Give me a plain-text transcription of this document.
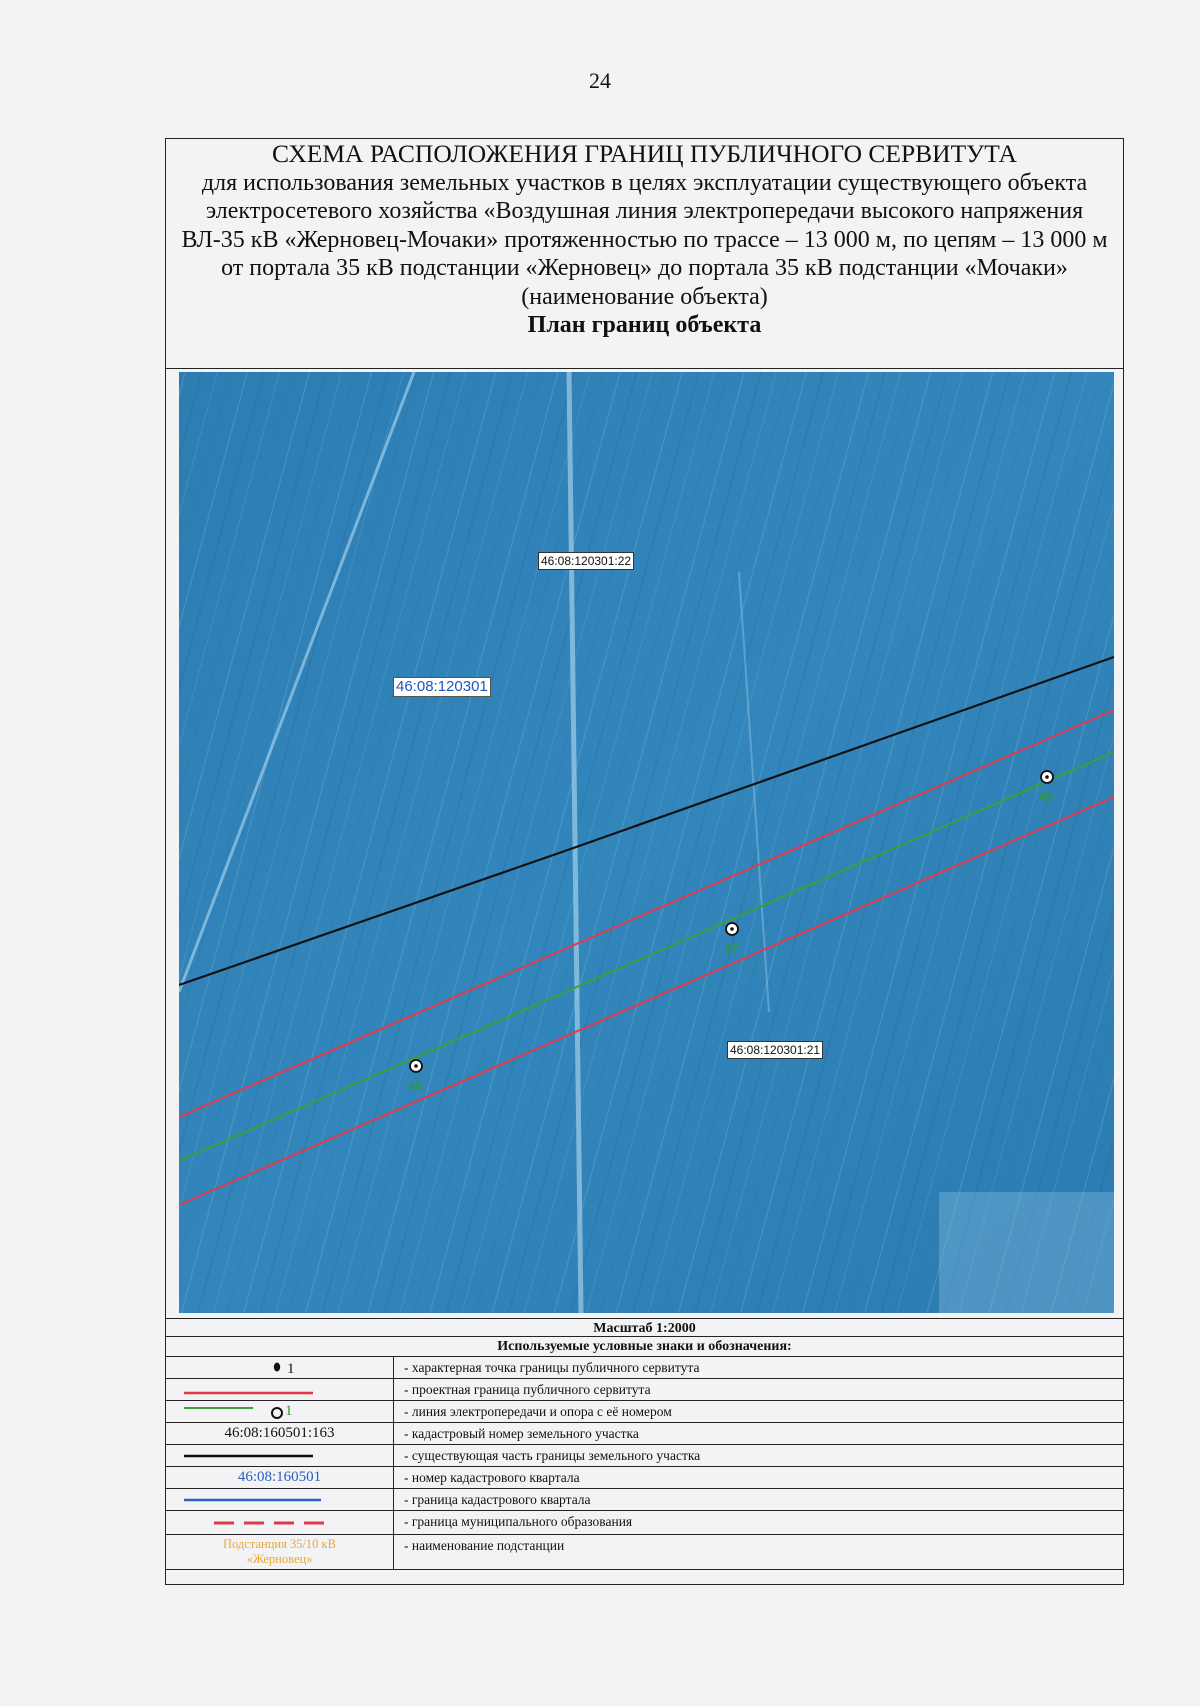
24
СХЕМА РАСПОЛОЖЕНИЯ ГРАНИЦ ПУБЛИЧНОГО СЕРВИТУТА
для использования земельных участков в целях эксплуатации существующего объекта
электросетевого хозяйства «Воздушная линия электропередачи высокого напряжения
ВЛ-35 кВ «Жерновец-Мочаки» протяженностью по трассе – 13 000 м, по цепям – 13 000 м
от портала 35 кВ подстанции «Жерновец» до портала 35 кВ подстанции «Мочаки»
(наименование объекта)
План границ объекта
46
47
48
46:08:120301:22
46:08:120301:21
46:08:120301
Масштаб 1:2000
Используемые условные знаки и обозначения:
1	- характерная точка границы публичного сервитута
- проектная граница публичного сервитута
1	- линия электропередачи и опора с её номером
46:08:160501:163	- кадастровый номер земельного участка
- существующая часть границы земельного участка
46:08:160501	- номер кадастрового квартала
- граница кадастрового квартала
- граница муниципального образования
Подстанция 35/10 кВ
«Жерновец»
- наименование подстанции
